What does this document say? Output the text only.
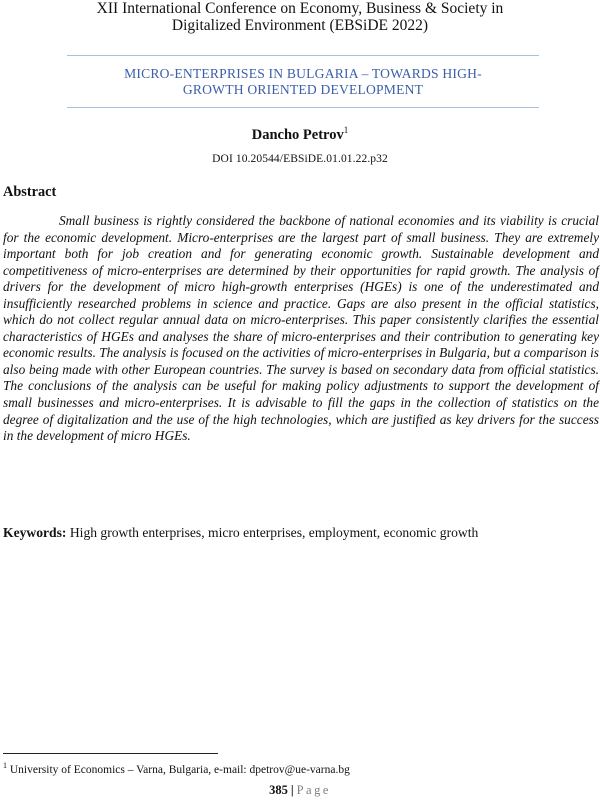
XII International Conference on Economy, Business & Society in
Digitalized Environment (EBSiDE 2022)
MICRO-ENTERPRISES IN BULGARIA – TOWARDS HIGH-
GROWTH ORIENTED DEVELOPMENT
Dancho Petrov$^1$
DOI 10.20544/EBSiDE.01.01.22.p32
Abstract

Small business is rightly considered the backbone of national economies and its viability is crucial for the economic development. Micro-enterprises are the largest part of small business. They are extremely important both for job creation and for generating economic growth. Sustainable development and competitiveness of micro-enterprises are determined by their opportunities for rapid growth. The analysis of drivers for the development of micro high-growth enterprises (HGEs) is one of the underestimated and insufficiently researched problems in science and practice. Gaps are also present in the official statistics, which do not collect regular annual data on micro-enterprises. This paper consistently clarifies the essential characteristics of HGEs and analyses the share of micro-enterprises and their contribution to generating key economic results. The analysis is focused on the activities of micro-enterprises in Bulgaria, but a comparison is also being made with other European countries. The survey is based on secondary data from official statistics. The conclusions of the analysis can be useful for making policy adjustments to support the development of small businesses and micro-enterprises. It is advisable to fill the gaps in the collection of statistics on the degree of digitalization and the use of the high technologies, which are justified as key drivers for the success in the development of micro HGEs.

Keywords: High growth enterprises, micro enterprises, employment, economic growth

$^1$ University of Economics – Varna, Bulgaria, e-mail: dpetrov@ue-varna.bg
385 | Page
